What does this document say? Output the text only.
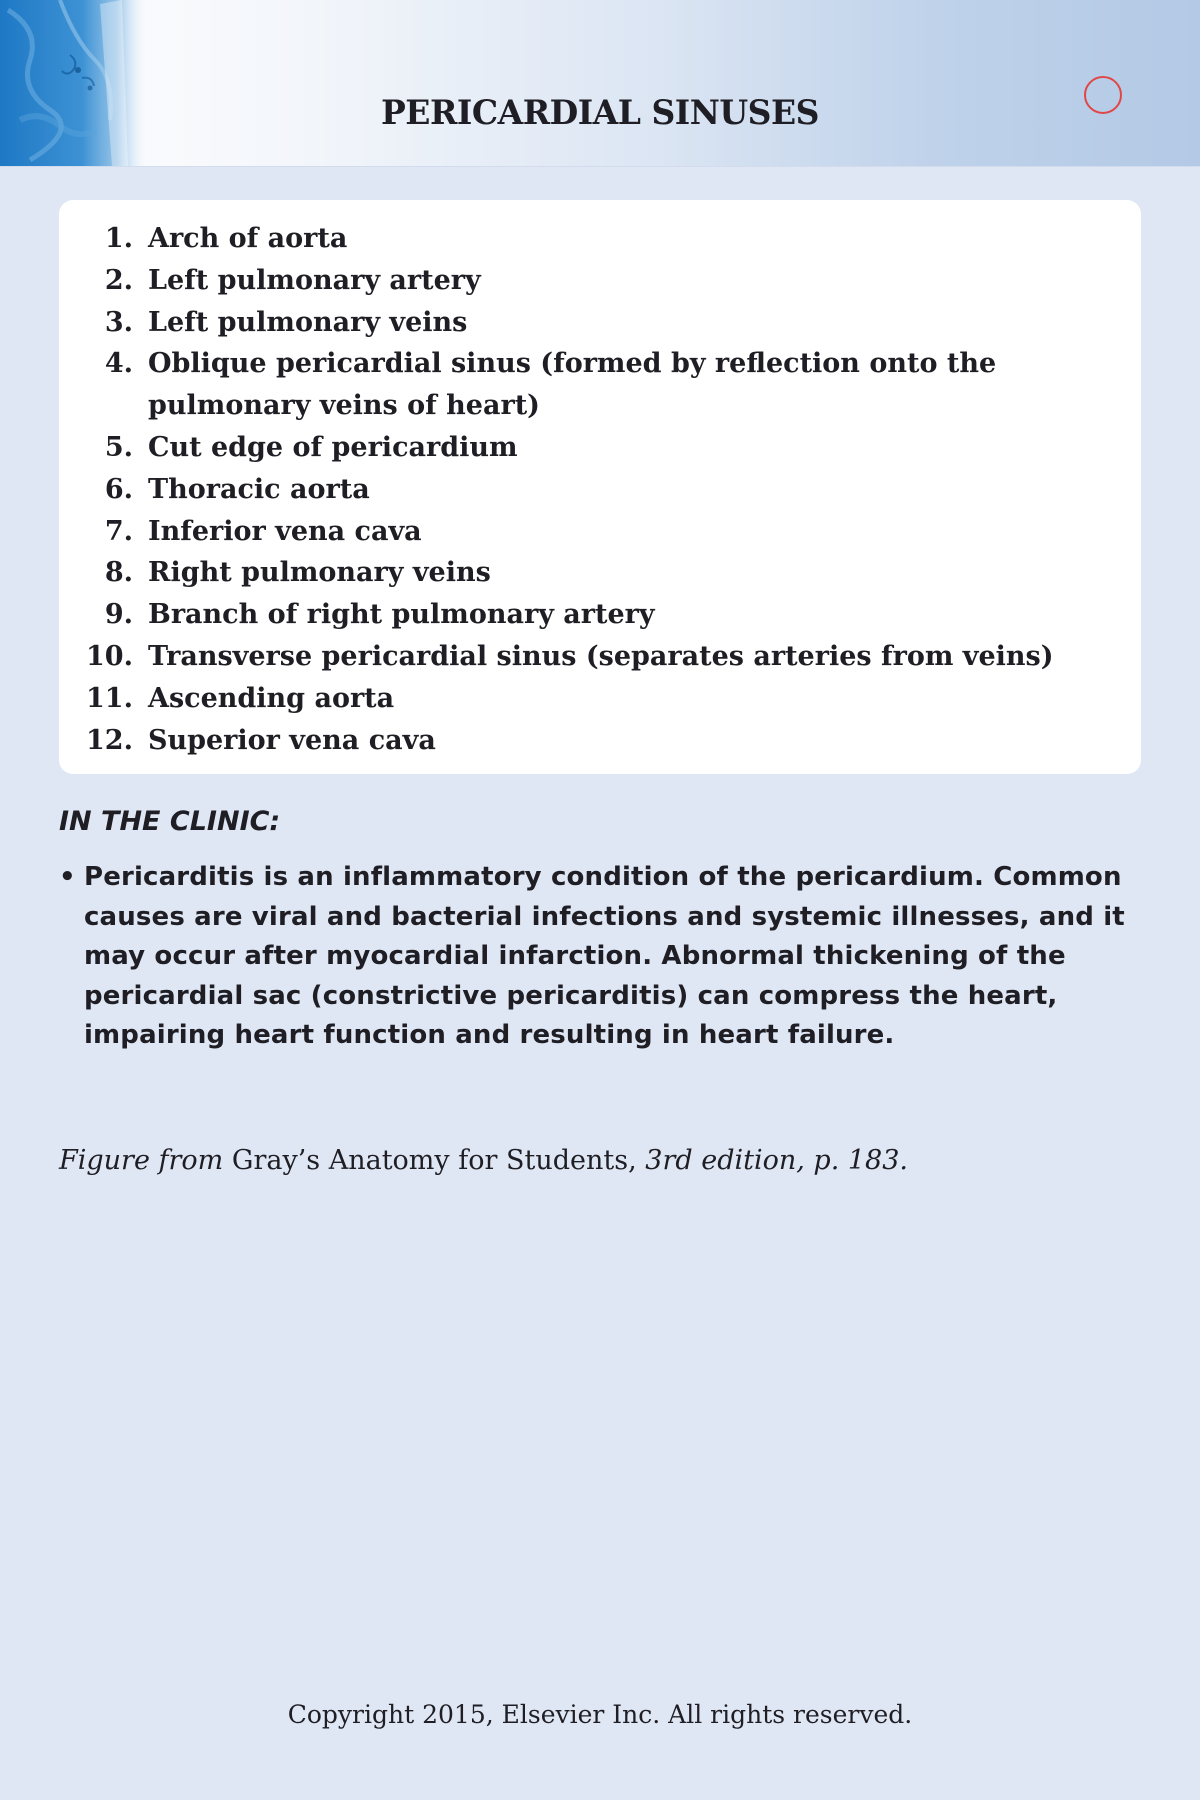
PERICARDIAL SINUSES
1. Arch of aorta
2. Left pulmonary artery
3. Left pulmonary veins
4. Oblique pericardial sinus (formed by reflection onto the pulmonary veins of heart)
5. Cut edge of pericardium
6. Thoracic aorta
7. Inferior vena cava
8. Right pulmonary veins
9. Branch of right pulmonary artery
10. Transverse pericardial sinus (separates arteries from veins)
11. Ascending aorta
12. Superior vena cava
IN THE CLINIC:
• Pericarditis is an inflammatory condition of the pericardium. Common causes are viral and bacterial infections and systemic illnesses, and it may occur after myocardial infarction. Abnormal thickening of the pericardial sac (constrictive pericarditis) can compress the heart, impairing heart function and resulting in heart failure.

Figure from Gray’s Anatomy for Students, 3rd edition, p. 183.

Copyright 2015, Elsevier Inc. All rights reserved.
